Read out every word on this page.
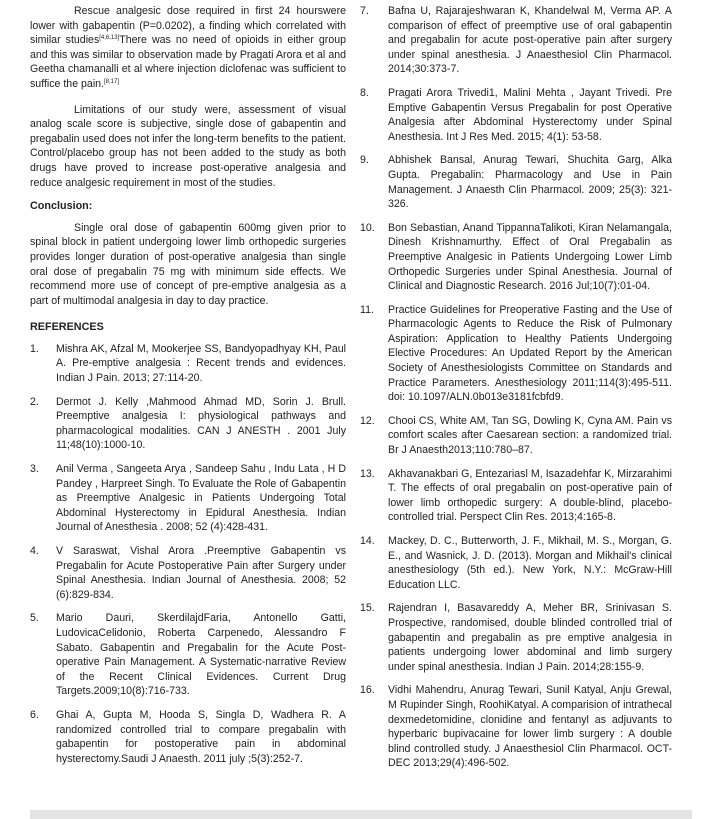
Rescue analgesic dose required in first 24 hourswere lower with gabapentin (P=0.0202), a finding which correlated with similar studies[4,6,13]There was no need of opioids in either group and this was similar to observation made by Pragati Arora et al and Geetha chamanalli et al where injection diclofenac was sufficient to suffice the pain.[8,17]

Limitations of our study were, assessment of visual analog scale score is subjective, single dose of gabapentin and pregabalin used does not infer the long-term benefits to the patient. Control/placebo group has not been added to the study as both drugs have proved to increase post-operative analgesia and reduce analgesic requirement in most of the studies.

Conclusion:

Single oral dose of gabapentin 600mg given prior to spinal block in patient undergoing lower limb orthopedic surgeries provides longer duration of post-operative analgesia than single oral dose of pregabalin 75 mg with minimum side effects. We recommend more use of concept of pre-emptive analgesia as a part of multimodal analgesia in day to day practice.

REFERENCES
1.	Mishra AK, Afzal M, Mookerjee SS, Bandyopadhyay KH, Paul A. Pre-emptive analgesia : Recent trends and evidences. Indian J Pain. 2013; 27:114-20.
2.	Dermot J. Kelly ,Mahmood Ahmad MD, Sorin J. Brull. Preemptive analgesia I: physiological pathways and pharmacological modalities. CAN J ANESTH . 2001 July 11;48(10):1000-10.
3.	Anil Verma , Sangeeta Arya , Sandeep Sahu , Indu Lata , H D Pandey , Harpreet Singh. To Evaluate the Role of Gabapentin as Preemptive Analgesic in Patients Undergoing Total Abdominal Hysterectomy in Epidural Anesthesia. Indian Journal of Anesthesia . 2008; 52 (4):428-431.
4.	V Saraswat, Vishal Arora .Preemptive Gabapentin vs Pregabalin for Acute Postoperative Pain after Surgery under Spinal Anesthesia. Indian Journal of Anesthesia. 2008; 52 (6):829-834.
5.	Mario Dauri, SkerdilajdFaria, Antonello Gatti, LudovicaCelidonio, Roberta Carpenedo, Alessandro F Sabato. Gabapentin and Pregabalin for the Acute Post-operative Pain Management. A Systematic-narrative Review of the Recent Clinical Evidences. Current Drug Targets.2009;10(8):716-733.
6.	Ghai A, Gupta M, Hooda S, Singla D, Wadhera R. A randomized controlled trial to compare pregabalin with gabapentin for postoperative pain in abdominal hysterectomy.Saudi J Anaesth. 2011 july ;5(3):252-7.
7.	Bafna U, Rajarajeshwaran K, Khandelwal M, Verma AP. A comparison of effect of preemptive use of oral gabapentin and pregabalin for acute post-operative pain after surgery under spinal anesthesia. J Anaesthesiol Clin Pharmacol. 2014;30:373-7.
8.	Pragati Arora Trivedi1, Malini Mehta , Jayant Trivedi. Pre Emptive Gabapentin Versus Pregabalin for post Operative Analgesia after Abdominal Hysterectomy under Spinal Anesthesia. Int J Res Med. 2015; 4(1): 53-58.
9.	Abhishek Bansal, Anurag Tewari, Shuchita Garg, Alka Gupta. Pregabalin: Pharmacology and Use in Pain Management. J Anaesth Clin Pharmacol. 2009; 25(3): 321-326.
10.	Bon Sebastian, Anand TippannaTalikoti, Kiran Nelamangala, Dinesh Krishnamurthy. Effect of Oral Pregabalin as Preemptive Analgesic in Patients Undergoing Lower Limb Orthopedic Surgeries under Spinal Anesthesia. Journal of Clinical and Diagnostic Research. 2016 Jul;10(7):01-04.
11.	Practice Guidelines for Preoperative Fasting and the Use of Pharmacologic Agents to Reduce the Risk of Pulmonary Aspiration: Application to Healthy Patients Undergoing Elective Procedures: An Updated Report by the American Society of Anesthesiologists Committee on Standards and Practice Parameters. Anesthesiology 2011;114(3):495-511. doi: 10.1097/ALN.0b013e3181fcbfd9.
12.	Chooi CS, White AM, Tan SG, Dowling K, Cyna AM. Pain vs comfort scales after Caesarean section: a randomized trial. Br J Anaesth2013;110:780–87.
13.	Akhavanakbari G, Entezariasl M, Isazadehfar K, Mirzarahimi T. The effects of oral pregabalin on post-operative pain of lower limb orthopedic surgery: A double-blind, placebo-controlled trial. Perspect Clin Res. 2013;4:165-8.
14.	Mackey, D. C., Butterworth, J. F., Mikhail, M. S., Morgan, G. E., and Wasnick, J. D. (2013). Morgan and Mikhail's clinical anesthesiology (5th ed.). New York, N.Y.: McGraw-Hill Education LLC.
15.	Rajendran I, Basavareddy A, Meher BR, Srinivasan S. Prospective, randomised, double blinded controlled trial of gabapentin and pregabalin as pre emptive analgesia in patients undergoing lower abdominal and limb surgery under spinal anesthesia. Indian J Pain. 2014;28:155-9.
16.	Vidhi Mahendru, Anurag Tewari, Sunil Katyal, Anju Grewal, M Rupinder Singh, RoohiKatyal. A comparision of intrathecal dexmedetomidine, clonidine and fentanyl as adjuvants to hyperbaric bupivacaine for lower limb surgery : A double blind controlled study. J Anaesthesiol Clin Pharmacol. OCT-DEC 2013;29(4):496-502.
